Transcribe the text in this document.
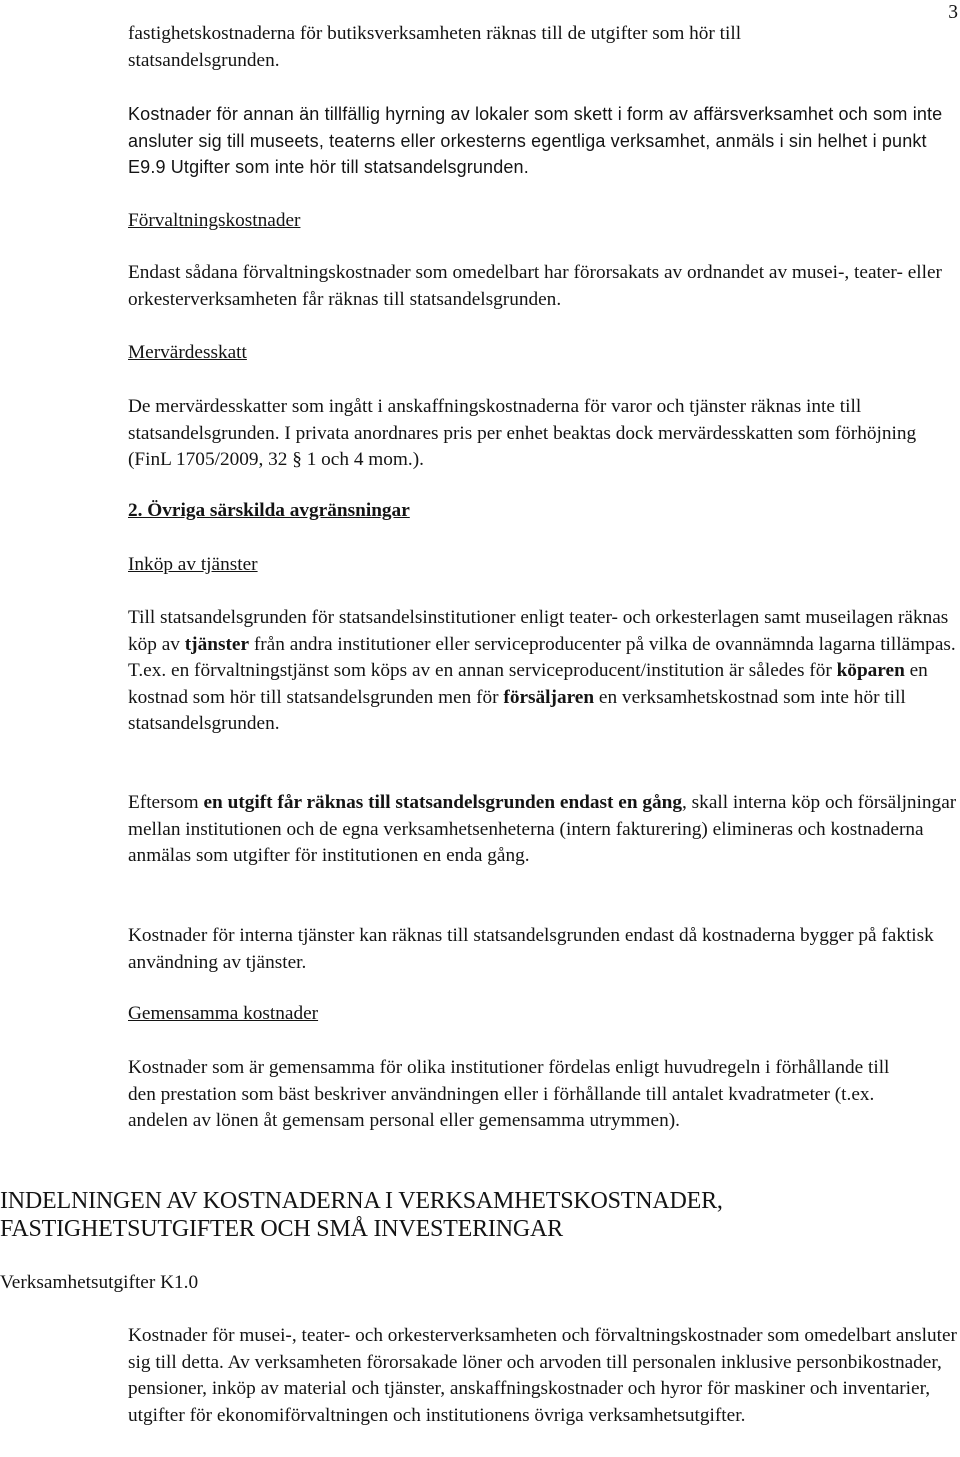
3

fastighetskostnaderna för butiksverksamheten räknas till de utgifter som hör till statsandelsgrunden.

Kostnader för annan än tillfällig hyrning av lokaler som skett i form av affärsverksamhet och som inte ansluter sig till museets, teaterns eller orkesterns egentliga verksamhet, anmäls i sin helhet i punkt E9.9 Utgifter som inte hör till statsandelsgrunden.

Förvaltningskostnader

Endast sådana förvaltningskostnader som omedelbart har förorsakats av ordnandet av musei-, teater- eller orkesterverksamheten får räknas till statsandelsgrunden.

Mervärdesskatt

De mervärdesskatter som ingått i anskaffningskostnaderna för varor och tjänster räknas inte till statsandelsgrunden. I privata anordnares pris per enhet beaktas dock mervärdesskatten som förhöjning (FinL 1705/2009, 32 § 1 och 4 mom.).

2. Övriga särskilda avgränsningar

Inköp av tjänster

Till statsandelsgrunden för statsandelsinstitutioner enligt teater- och orkesterlagen samt museilagen räknas köp av tjänster från andra institutioner eller serviceproducenter på vilka de ovannämnda lagarna tillämpas. T.ex. en förvaltningstjänst som köps av en annan serviceproducent/institution är således för köparen en kostnad som hör till statsandelsgrunden men för försäljaren en verksamhetskostnad som inte hör till statsandelsgrunden.

Eftersom en utgift får räknas till statsandelsgrunden endast en gång, skall interna köp och försäljningar mellan institutionen och de egna verksamhetsenheterna (intern fakturering) elimineras och kostnaderna anmälas som utgifter för institutionen en enda gång.

Kostnader för interna tjänster kan räknas till statsandelsgrunden endast då kostnaderna bygger på faktisk användning av tjänster.

Gemensamma kostnader

Kostnader som är gemensamma för olika institutioner fördelas enligt huvudregeln i förhållande till den prestation som bäst beskriver användningen eller i förhållande till antalet kvadratmeter (t.ex. andelen av lönen åt gemensam personal eller gemensamma utrymmen).

INDELNINGEN AV KOSTNADERNA I VERKSAMHETSKOSTNADER,
FASTIGHETSUTGIFTER OCH SMÅ INVESTERINGAR

Verksamhetsutgifter K1.0

Kostnader för musei-, teater- och orkesterverksamheten och förvaltningskostnader som omedelbart ansluter sig till detta. Av verksamheten förorsakade löner och arvoden till personalen inklusive personbikostnader, pensioner, inköp av material och tjänster, anskaffningskostnader och hyror för maskiner och inventarier, utgifter för ekonomiförvaltningen och institutionens övriga verksamhetsutgifter.
